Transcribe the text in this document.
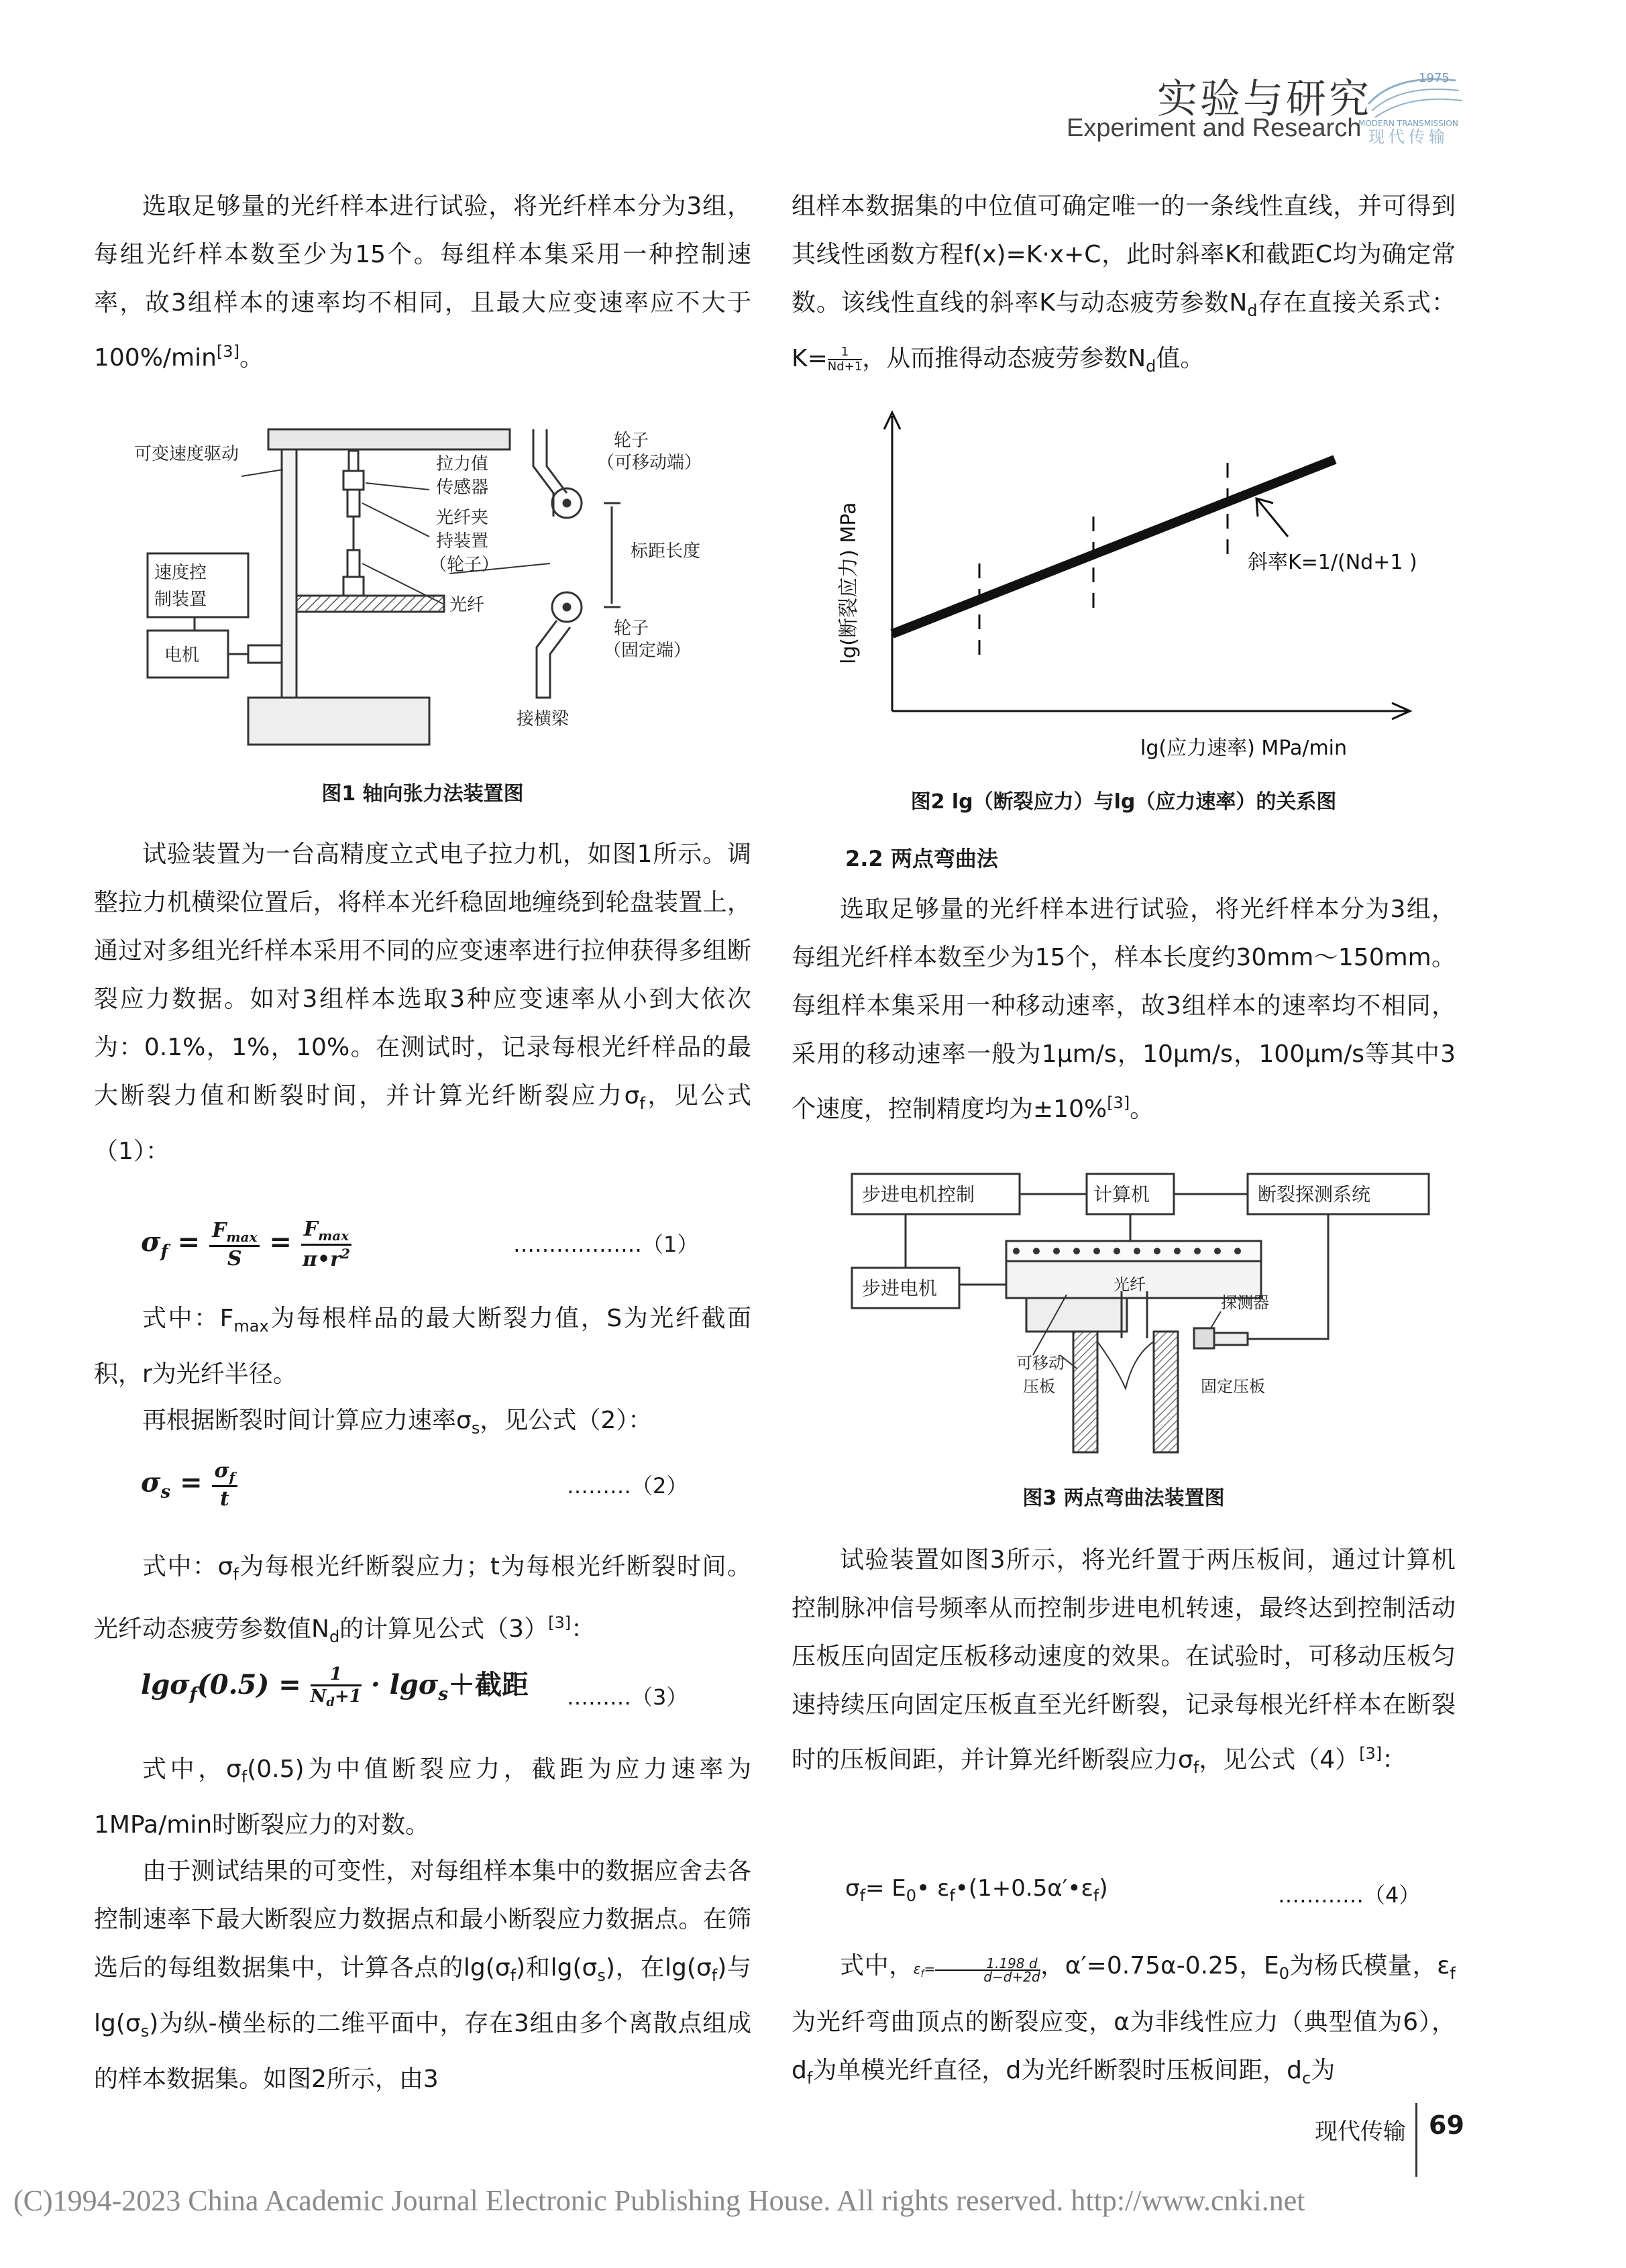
实验与研究
Experiment and Research
1975
MODERN TRANSMISSION
现代传输

选取足够量的光纤样本进行试验，将光纤样本分为3组，每组光纤样本数至少为15个。每组样本集采用一种控制速率，故3组样本的速率均不相同，且最大应变速率应不大于100%/min[3]。

可变速度驱动
速度控
制装置
电机
拉力值
传感器
光纤夹
持装置
（轮子）
光纤
轮子
（可移动端）
标距长度
轮子
（固定端）
接横梁
图1 轴向张力法装置图

试验装置为一台高精度立式电子拉力机，如图1所示。调整拉力机横梁位置后，将样本光纤稳固地缠绕到轮盘装置上，通过对多组光纤样本采用不同的应变速率进行拉伸获得多组断裂应力数据。如对3组样本选取3种应变速率从小到大依次为：0.1%，1%，10%。在测试时，记录每根光纤样品的最大断裂力值和断裂时间，并计算光纤断裂应力$\sigma_f$，见公式（1）：

$\sigma_f = F_{max}$
S
= $F_{max}$
$\pi•r^2$	………………（1）

式中：$F_{max}$为每根样品的最大断裂力值，S为光纤截面积，r为光纤半径。

再根据断裂时间计算应力速率$\sigma_s$，见公式（2）：

$\sigma_s = \frac{\sigma_f}{t}$	………（2）

式中：$\sigma_f$为每根光纤断裂应力；t为每根光纤断裂时间。光纤动态疲劳参数值$N_d$的计算见公式（3）[3]：

$\lg\sigma_f(0.5) = \frac{1}{N_d+1} \cdot \lg\sigma_s+$截距 ………（3）

式中，$\sigma_f(0.5)$为中值断裂应力，截距为应力速率为1MPa/min时断裂应力的对数。

由于测试结果的可变性，对每组样本集中的数据应舍去各控制速率下最大断裂应力数据点和最小断裂应力数据点。在筛选后的每组数据集中，计算各点的$\lg(\sigma_f)$和$\lg(\sigma_s)$，在$\lg(\sigma_f)$与$\lg(\sigma_s)$为纵-横坐标的二维平面中，存在3组由多个离散点组成的样本数据集。如图2所示，由3

组样本数据集的中位值可确定唯一的一条线性直线，并可得到其线性函数方程f(x)=K·x+C，此时斜率K和截距C均为确定常数。该线性直线的斜率K与动态疲劳参数$N_d$存在直接关系式：$K= \frac{1}{Nd+1}$ ，从而推得动态疲劳参数$N_d$值。

斜率K=1/(Nd+1 )
lg(应力速率) MPa/min
lg(断裂应力) MPa
图2 lg（断裂应力）与lg（应力速率）的关系图
2.2 两点弯曲法

选取足够量的光纤样本进行试验，将光纤样本分为3组，每组光纤样本数至少为15个，样本长度约30mm～150mm。每组样本集采用一种移动速率，故3组样本的速率均不相同，采用的移动速率一般为1μm/s，10μm/s，100μm/s等其中3个速度，控制精度均为±10%[3]。

步进电机控制	计算机	断裂探测系统
步进电机
探测器
光纤
可移动
压板	固定压板
图3 两点弯曲法装置图

试验装置如图3所示，将光纤置于两压板间，通过计算机控制脉冲信号频率从而控制步进电机转速，最终达到控制活动压板压向固定压板移动速度的效果。在试验时，可移动压板匀速持续压向固定压板直至光纤断裂，记录每根光纤样本在断裂时的压板间距，并计算光纤断裂应力$\sigma_f$，见公式（4）[3]：

$\sigma_f=$ $E_0•$ $\varepsilon_f•(1+0.5\alpha'•\varepsilon_f)$	…………（4）

式中，$\varepsilon_f= \frac{1.198 d}{d-d+2d}$ ，α′=0.75α-0.25，$E_0$为杨氏模量，$\varepsilon_f$为光纤弯曲顶点的断裂应变，α为非线性应力（典型值为6），$d_f$为单模光纤直径，d为光纤断裂时压板间距，$d_c$为

现代传输 69
(C)1994-2023 China Academic Journal Electronic Publishing House. All rights reserved. http://www.cnki.net
